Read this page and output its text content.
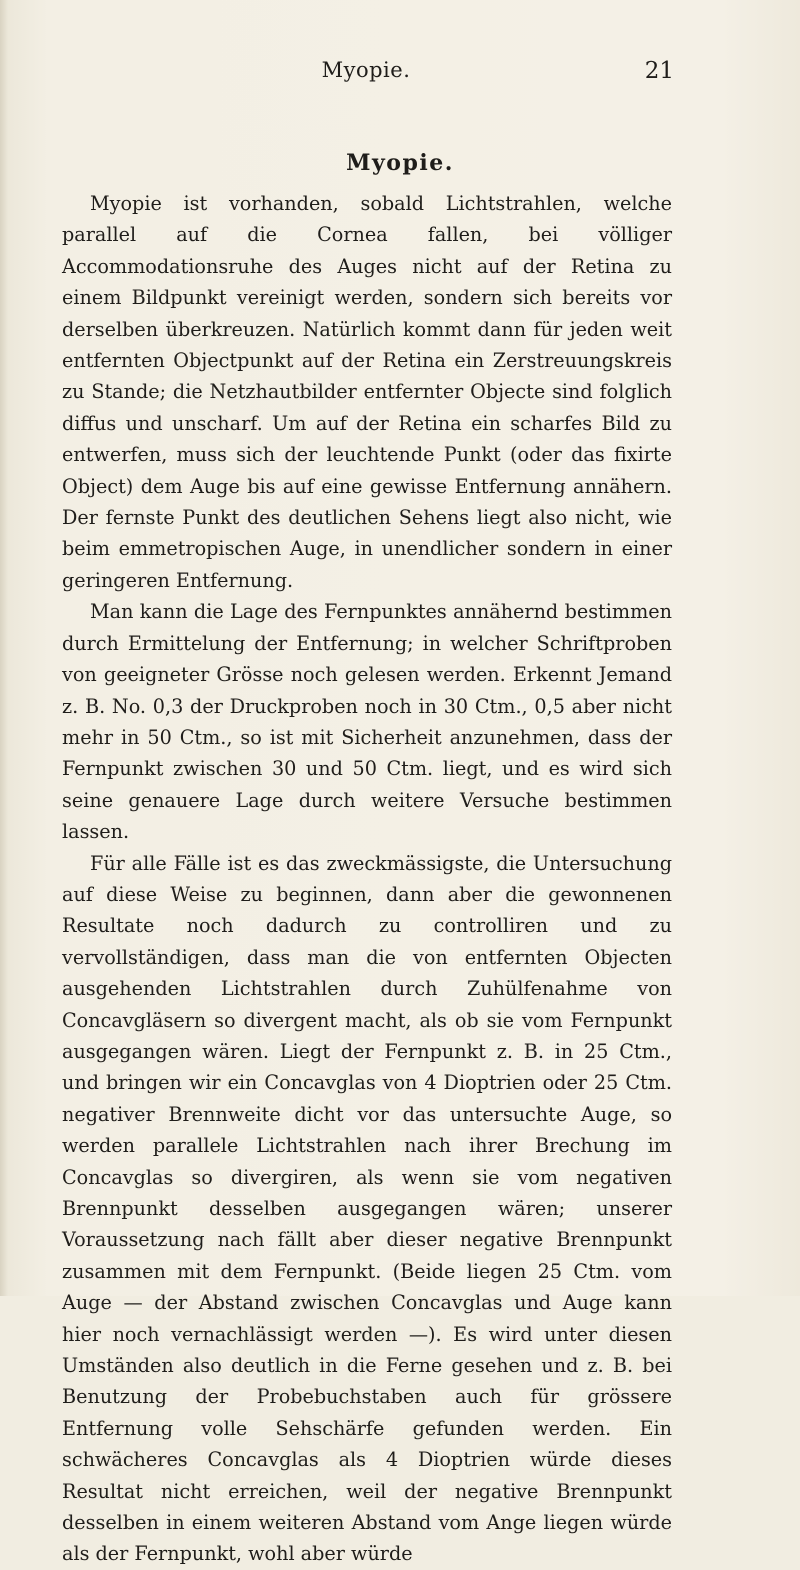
Myopie.	21
Myopie.

Myopie ist vorhanden, sobald Lichtstrahlen, welche parallel auf die Cornea fallen, bei völliger Accommodationsruhe des Auges nicht auf der Retina zu einem Bildpunkt vereinigt werden, sondern sich bereits vor derselben überkreuzen. Natürlich kommt dann für jeden weit entfernten Objectpunkt auf der Retina ein Zerstreuungskreis zu Stande; die Netzhautbilder entfernter Objecte sind folglich diffus und unscharf. Um auf der Retina ein scharfes Bild zu entwerfen, muss sich der leuchtende Punkt (oder das fixirte Object) dem Auge bis auf eine gewisse Entfernung annähern. Der fernste Punkt des deutlichen Sehens liegt also nicht, wie beim emmetropischen Auge, in unendlicher sondern in einer geringeren Entfernung.

Man kann die Lage des Fernpunktes annähernd bestimmen durch Ermittelung der Entfernung; in welcher Schriftproben von geeigneter Grösse noch gelesen werden. Erkennt Jemand z. B. No. 0,3 der Druckproben noch in 30 Ctm., 0,5 aber nicht mehr in 50 Ctm., so ist mit Sicherheit anzunehmen, dass der Fernpunkt zwischen 30 und 50 Ctm. liegt, und es wird sich seine genauere Lage durch weitere Versuche bestimmen lassen.

Für alle Fälle ist es das zweckmässigste, die Untersuchung auf diese Weise zu beginnen, dann aber die gewonnenen Resultate noch dadurch zu controlliren und zu vervollständigen, dass man die von entfernten Objecten ausgehenden Lichtstrahlen durch Zuhülfenahme von Concavgläsern so divergent macht, als ob sie vom Fernpunkt ausgegangen wären. Liegt der Fernpunkt z. B. in 25 Ctm., und bringen wir ein Concavglas von 4 Dioptrien oder 25 Ctm. negativer Brennweite dicht vor das untersuchte Auge, so werden parallele Lichtstrahlen nach ihrer Brechung im Concavglas so divergiren, als wenn sie vom negativen Brennpunkt desselben ausgegangen wären; unserer Voraussetzung nach fällt aber dieser negative Brennpunkt zusammen mit dem Fernpunkt. (Beide liegen 25 Ctm. vom Auge — der Abstand zwischen Concavglas und Auge kann hier noch vernachlässigt werden —). Es wird unter diesen Umständen also deutlich in die Ferne gesehen und z. B. bei Benutzung der Probebuchstaben auch für grössere Entfernung volle Sehschärfe gefunden werden. Ein schwächeres Concavglas als 4 Dioptrien würde dieses Resultat nicht erreichen, weil der negative Brennpunkt desselben in einem weiteren Abstand vom Ange liegen würde als der Fernpunkt, wohl aber würde
